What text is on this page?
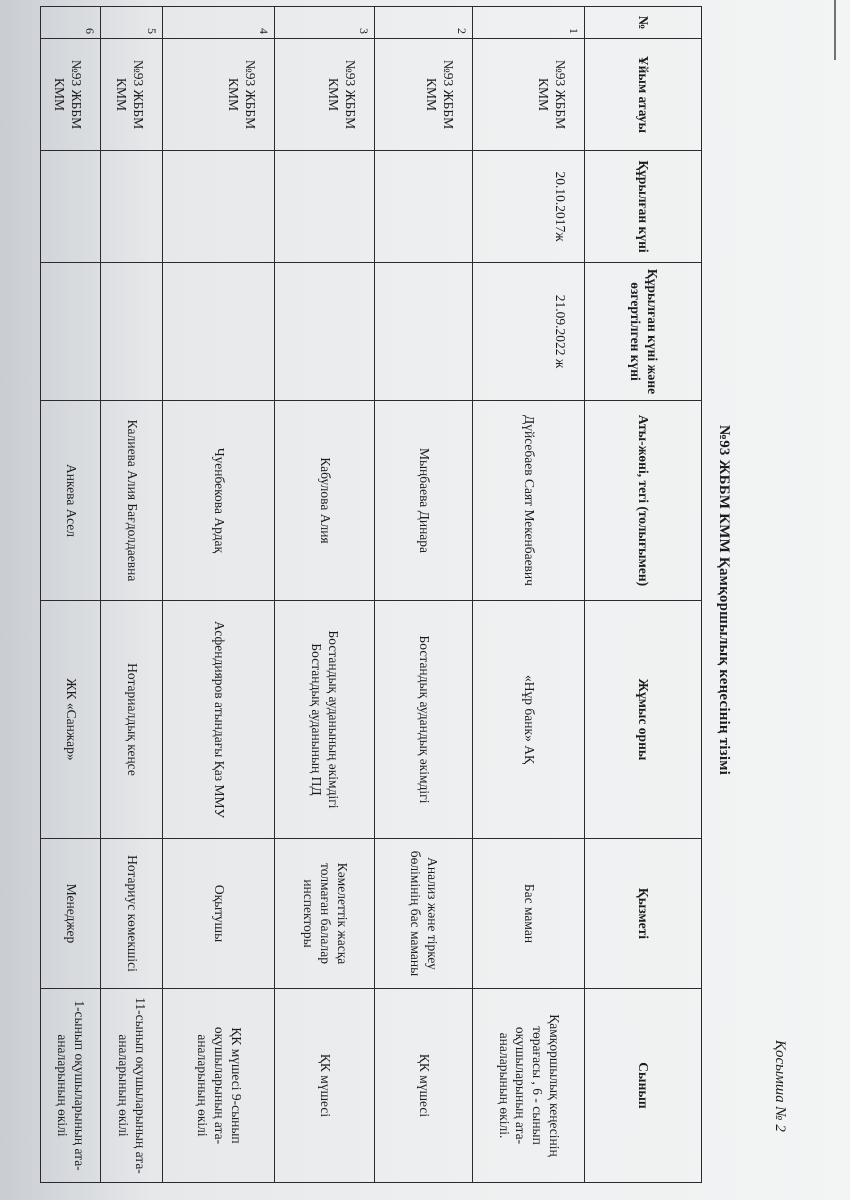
Қосымша № 2
№93 ЖББМ КММ Қамқоршылық кеңесінің тізімі
№	Ұйым атауы	Құрылған күні	Құрылған күні және өзгертілген күні	Аты-жөні, тегі (толығымен)	Жұмыс орны	Қызметі	Сынып
1	№93 ЖББМ КММ	20.10.2017ж	21.09.2022 ж	Дүйсебаев Саят Мекенбаевич	«Нұр банк» АҚ	Бас маман	Қамқоршылық кеңесінің төрағасы , 6 - сынып оқушыларының ата-аналарының өкілі.
2	№93 ЖББМ КММ			Мыңбаева Динара	Бостандық аудандық әкімдігі	Анализ және тіркеу бөлімінің бас маманы	ҚК мүшесі
3	№93 ЖББМ КММ			Кабулова Алия	Бостандық ауданының әкімдігі Бостандық ауданының ПД	Кәмелеттік жасқа толмаған балалар инспекторы	ҚК мүшесі
4	№93 ЖББМ КММ			Чуенбекова Ардақ	Асфендияров атындағы Қаз ММУ	Оқытушы	ҚК мүшесі 9-сынып оқушыларының ата-аналарының өкілі
5	№93 ЖББМ КММ			Калиева Алия Бағдолдаевна	Нотариалдық кеңсе	Нотариус көмекшісі	11-сынып оқушыларының ата-аналарының өкілі
6	№93 ЖББМ КММ			Анкева Асел	ЖК «Санжар»	Менеджер	1-сынып оқушыларының ата-аналарының өкілі
